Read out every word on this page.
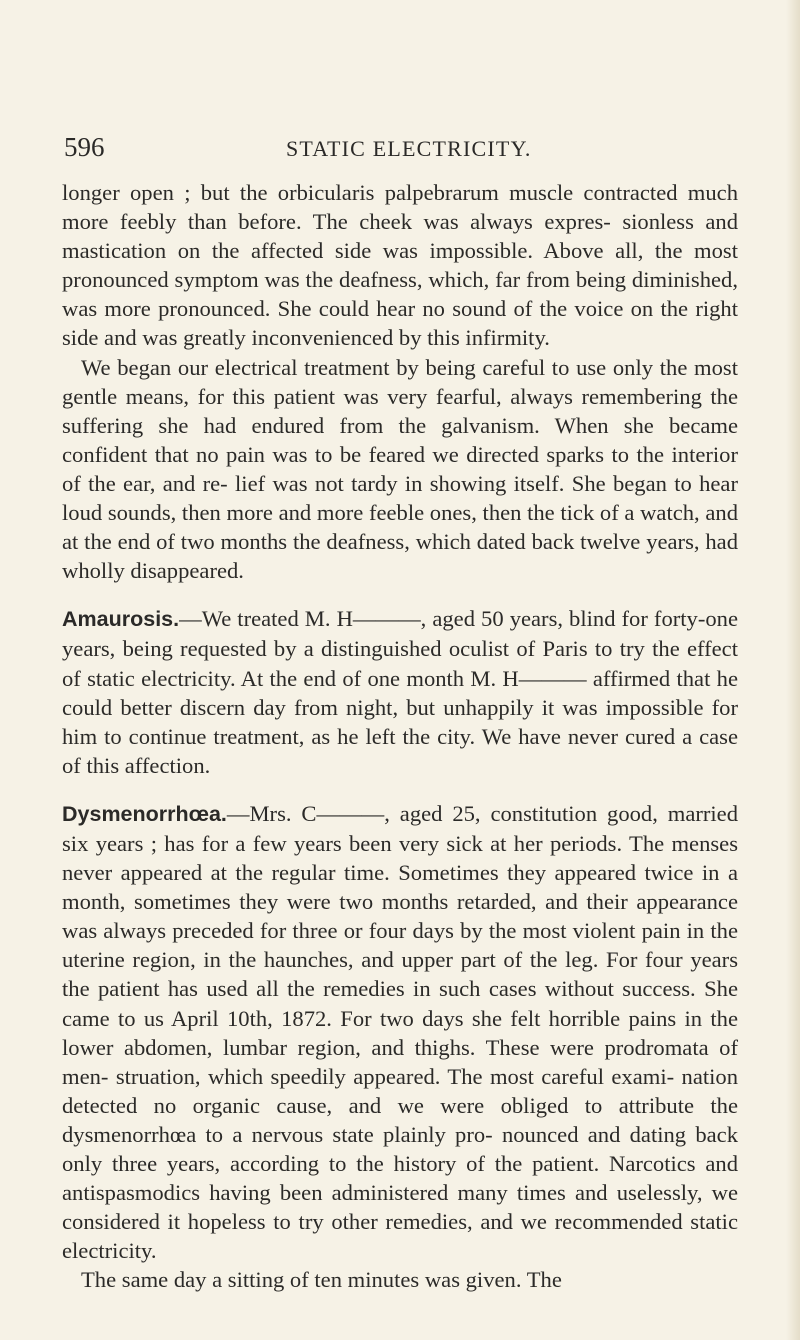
596	STATIC ELECTRICITY.

longer open ; but the orbicularis palpebrarum muscle contracted much more feebly than before. The cheek was always expres- sionless and mastication on the affected side was impossible. Above all, the most pronounced symptom was the deafness, which, far from being diminished, was more pronounced. She could hear no sound of the voice on the right side and was greatly inconvenienced by this infirmity.

We began our electrical treatment by being careful to use only the most gentle means, for this patient was very fearful, always remembering the suffering she had endured from the galvanism. When she became confident that no pain was to be feared we directed sparks to the interior of the ear, and re- lief was not tardy in showing itself. She began to hear loud sounds, then more and more feeble ones, then the tick of a watch, and at the end of two months the deafness, which dated back twelve years, had wholly disappeared.

Amaurosis.—We treated M. H———, aged 50 years, blind for forty-one years, being requested by a distinguished oculist of Paris to try the effect of static electricity. At the end of one month M. H——— affirmed that he could better discern day from night, but unhappily it was impossible for him to continue treatment, as he left the city. We have never cured a case of this affection.

Dysmenorrhœa.—Mrs. C———, aged 25, constitution good, married six years ; has for a few years been very sick at her periods. The menses never appeared at the regular time. Sometimes they appeared twice in a month, sometimes they were two months retarded, and their appearance was always preceded for three or four days by the most violent pain in the uterine region, in the haunches, and upper part of the leg. For four years the patient has used all the remedies in such cases without success. She came to us April 10th, 1872. For two days she felt horrible pains in the lower abdomen, lumbar region, and thighs. These were prodromata of men- struation, which speedily appeared. The most careful exami- nation detected no organic cause, and we were obliged to attribute the dysmenorrhœa to a nervous state plainly pro- nounced and dating back only three years, according to the history of the patient. Narcotics and antispasmodics having been administered many times and uselessly, we considered it hopeless to try other remedies, and we recommended static electricity.

The same day a sitting of ten minutes was given. The
